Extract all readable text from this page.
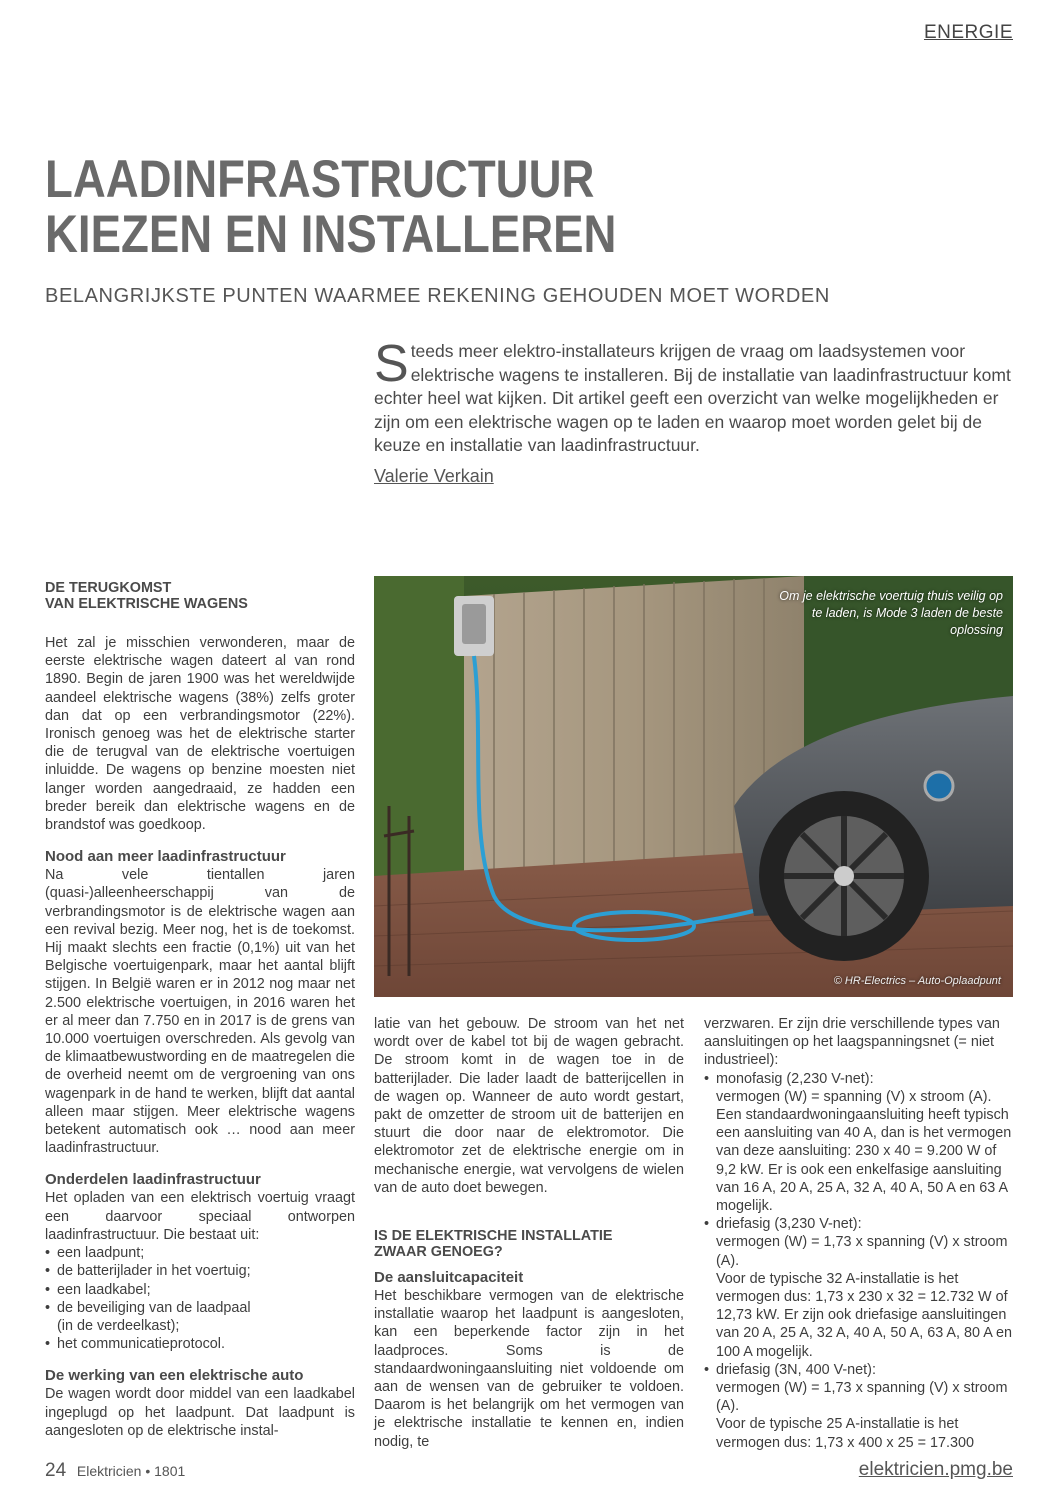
ENERGIE
LAADINFRASTRUCTUUR
KIEZEN EN INSTALLEREN
BELANGRIJKSTE PUNTEN WAARMEE REKENING GEHOUDEN MOET WORDEN
Steeds meer elektro-installateurs krijgen de vraag om laadsystemen voor elektrische wagens te installeren. Bij de installatie van laadinfrastructuur komt echter heel wat kijken. Dit artikel geeft een overzicht van welke mogelijkheden er zijn om een elektrische wagen op te laden en waarop moet worden gelet bij de keuze en installatie van laadinfrastructuur.
Valerie Verkain
DE TERUGKOMST
VAN ELEKTRISCHE WAGENS

Het zal je misschien verwonderen, maar de eerste elektrische wagen dateert al van rond 1890. Begin de jaren 1900 was het wereldwijde aandeel elektrische wagens (38%) zelfs groter dan dat op een verbrandingsmotor (22%). Ironisch genoeg was het de elektrische starter die de terugval van de elektrische voertuigen inluidde. De wagens op benzine moesten niet langer worden aangedraaid, ze hadden een breder bereik dan elektrische wagens en de brandstof was goedkoop.

Nood aan meer laadinfrastructuur

Na vele tientallen jaren (quasi-)alleenheerschappij van de verbrandingsmotor is de elektrische wagen aan een revival bezig. Meer nog, het is de toekomst. Hij maakt slechts een fractie (0,1%) uit van het Belgische voertuigenpark, maar het aantal blijft stijgen. In België waren er in 2012 nog maar net 2.500 elektrische voertuigen, in 2016 waren het er al meer dan 7.750 en in 2017 is de grens van 10.000 voertuigen overschreden. Als gevolg van de klimaatbewustwording en de maatregelen die de overheid neemt om de vergroening van ons wagenpark in de hand te werken, blijft dat aantal alleen maar stijgen. Meer elektrische wagens betekent automatisch ook … nood aan meer laadinfrastructuur.

Onderdelen laadinfrastructuur

Het opladen van een elektrisch voertuig vraagt een daarvoor speciaal ontworpen laadinfrastructuur. Die bestaat uit:

• een laadpunt;
• de batterijlader in het voertuig;
• een laadkabel;
• de beveiliging van de laadpaal
(in de verdeelkast);
• het communicatieprotocol.
De werking van een elektrische auto

De wagen wordt door middel van een laadkabel ingeplugd op het laadpunt. Dat laadpunt is aangesloten op de elektrische instal-

Om je elektrische voertuig thuis veilig op te laden, is Mode 3 laden de beste oplossing
© HR-Electrics – Auto-Oplaadpunt

latie van het gebouw. De stroom van het net wordt over de kabel tot bij de wagen gebracht. De stroom komt in de wagen toe in de batterijlader. Die lader laadt de batterijcellen in de wagen op. Wanneer de auto wordt gestart, pakt de omzetter de stroom uit de batterijen en stuurt die door naar de elektromotor. Die elektromotor zet de elektrische energie om in mechanische energie, wat vervolgens de wielen van de auto doet bewegen.

IS DE ELEKTRISCHE INSTALLATIE
ZWAAR GENOEG?
De aansluitcapaciteit

Het beschikbare vermogen van de elektrische installatie waarop het laadpunt is aangesloten, kan een beperkende factor zijn in het laadproces. Soms is de standaardwoningaansluiting niet voldoende om aan de wensen van de gebruiker te voldoen. Daarom is het belangrijk om het vermogen van je elektrische installatie te kennen en, indien nodig, te

verzwaren. Er zijn drie verschillende types van aansluitingen op het laagspanningsnet (= niet industrieel):

• monofasig (2,230 V-net):
vermogen (W) = spanning (V) x stroom (A). Een standaardwoningaansluiting heeft typisch een aansluiting van 40 A, dan is het vermogen van deze aansluiting: 230 x 40 = 9.200 W of 9,2 kW. Er is ook een enkelfasige aansluiting van 16 A, 20 A, 25 A, 32 A, 40 A, 50 A en 63 A mogelijk.
• driefasig (3,230 V-net):
vermogen (W) = 1,73 x spanning (V) x stroom (A).
Voor de typische 32 A-installatie is het vermogen dus: 1,73 x 230 x 32 = 12.732 W of 12,73 kW. Er zijn ook driefasige aansluitingen van 20 A, 25 A, 32 A, 40 A, 50 A, 63 A, 80 A en 100 A mogelijk.
• driefasig (3N, 400 V-net):
vermogen (W) = 1,73 x spanning (V) x stroom (A).
Voor de typische 25 A-installatie is het vermogen dus: 1,73 x 400 x 25 = 17.300
24 Elektricien • 1801	elektricien.pmg.be
